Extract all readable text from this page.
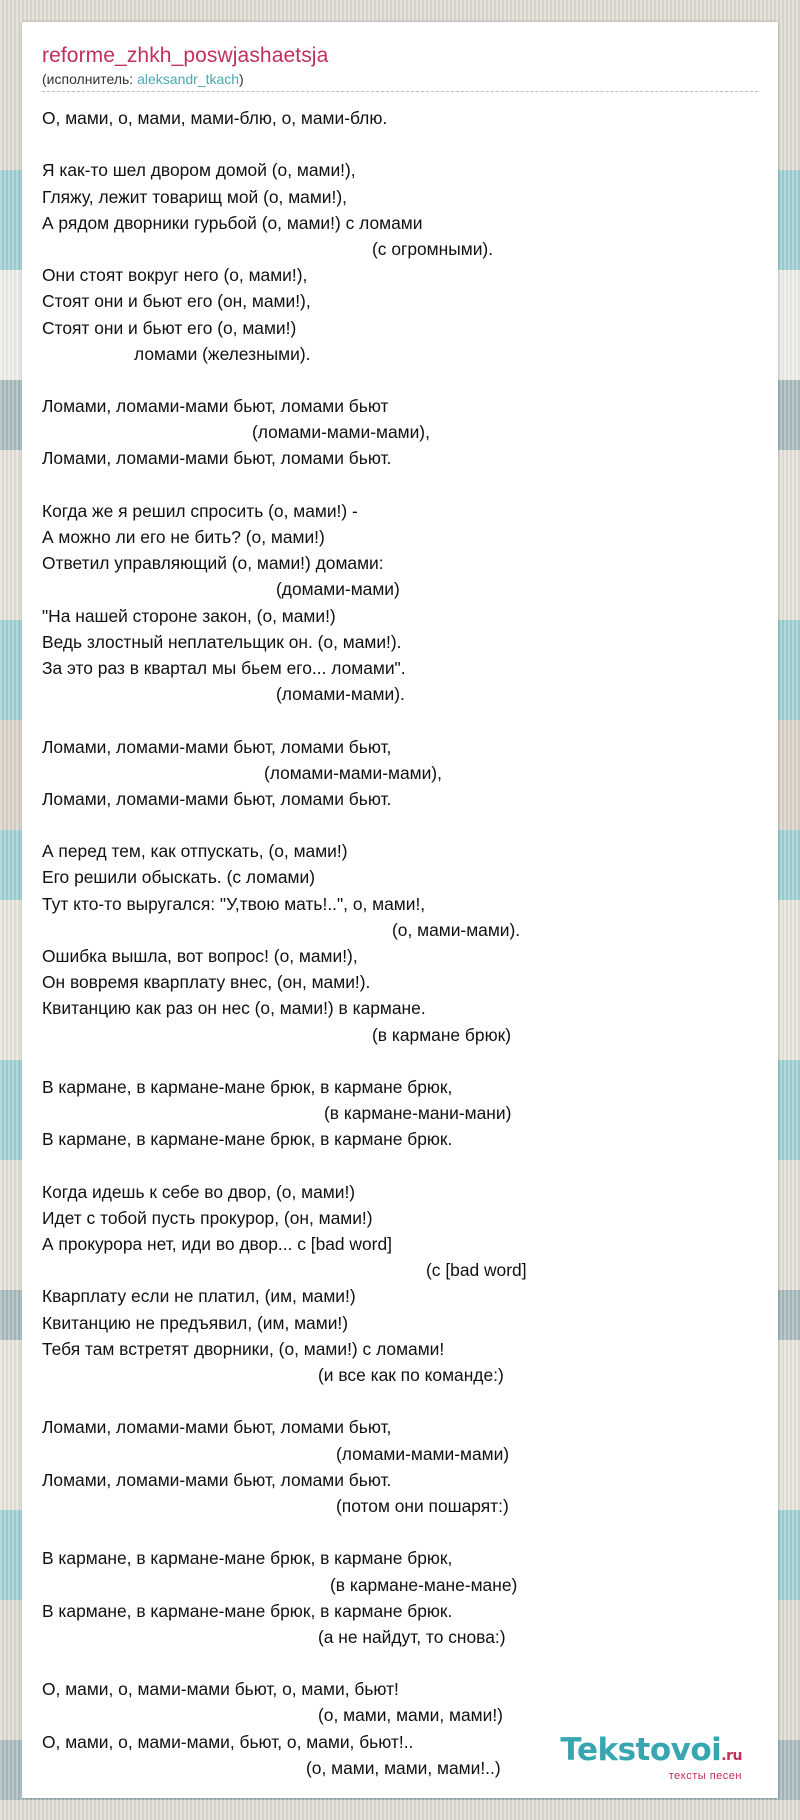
reforme_zhkh_poswjashaetsja
(исполнитель: aleksandr_tkach)
О, мами, о, мами, мами-блю, о, мами-блю.
Я как-то шел двором домой (о, мами!),
Гляжу, лежит товарищ мой (о, мами!),
А рядом дворники гурьбой (о, мами!) с ломами
(с огромными).
Они стоят вокруг него (о, мами!),
Стоят они и бьют его (он, мами!),
Стоят они и бьют его (о, мами!)
ломами (железными).
Ломами, ломами-мами бьют, ломами бьют
(ломами-мами-мами),
Ломами, ломами-мами бьют, ломами бьют.
Когда же я решил спросить (о, мами!) -
А можно ли его не бить? (о, мами!)
Ответил управляющий (о, мами!) домами:
(домами-мами)
"На нашей стороне закон, (о, мами!)
Ведь злостный неплательщик он. (о, мами!).
За это раз в квартал мы бьем его... ломами".
(ломами-мами).
Ломами, ломами-мами бьют, ломами бьют,
(ломами-мами-мами),
Ломами, ломами-мами бьют, ломами бьют.
А перед тем, как отпускать, (о, мами!)
Его решили обыскать. (с ломами)
Тут кто-то выругался: "У,твою мать!..", о, мами!,
(о, мами-мами).
Ошибка вышла, вот вопрос! (о, мами!),
Он вовремя кварплату внес, (он, мами!).
Квитанцию как раз он нес (о, мами!) в кармане.
(в кармане брюк)
В кармане, в кармане-мане брюк, в кармане брюк,
(в кармане-мани-мани)
В кармане, в кармане-мане брюк, в кармане брюк.
Когда идешь к себе во двор, (о, мами!)
Идет с тобой пусть прокурор, (он, мами!)
А прокурора нет, иди во двор... с [bad word]
(с [bad word]
Кварплату если не платил, (им, мами!)
Квитанцию не предъявил, (им, мами!)
Тебя там встретят дворники, (о, мами!) с ломами!
(и все как по команде:)
Ломами, ломами-мами бьют, ломами бьют,
(ломами-мами-мами)
Ломами, ломами-мами бьют, ломами бьют.
(потом они пошарят:)
В кармане, в кармане-мане брюк, в кармане брюк,
(в кармане-мане-мане)
В кармане, в кармане-мане брюк, в кармане брюк.
(а не найдут, то снова:)
О, мами, о, мами-мами бьют, о, мами, бьют!
(о, мами, мами, мами!)
О, мами, о, мами-мами, бьют, о, мами, бьют!..
(о, мами, мами, мами!..)	Tekstovoi.ru
тексты песен
